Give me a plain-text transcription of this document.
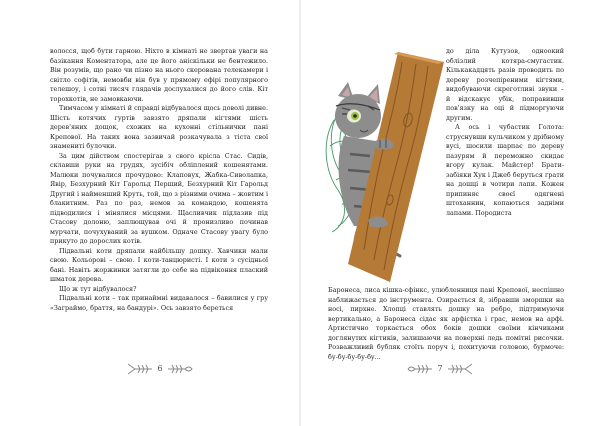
волосся, щоб бути гарною. Ніхто в кімнаті не звертав уваги на базікання Коментатора, але це його аніскільки не бентежило. Він розумів, що рано чи пізно на нього скерована телекамери і світло софітів, немовби він був у прямому ефірі популярного телешоу, і сотні тисяч глядачів дослухалися до його слів. Кіт торохкотів, не замовкаючи.

Тимчасом у кімнаті й справді відбувалося щось доволі дивне. Шість котячих гуртів завзято дряпали кігтями шість дерев'яних дощок, схожих на кухонні стільнички пані Крепової. На таких вона зазвичай розкачувала з тіста свої знамениті булочки.

За цим дійством спостерігав з свого крісла Стас. Сидів, склавши руки на грудях, зусібіч обліплений кошенятами. Малюки почувалися прочудово: Клаповух, Жабка-Сиволапка, Явір, Безхурний Кіт Гарольд Перший, Безхурний Кіт Гарольд Другий і найменший Круть, той, що з різними очима – жовтим і блакитним. Раз по раз, немов за командою, кошенята підводилися і мінялися місцями. Щасливчик підлазив під Стасову долоню, заплющував очі й пронизливо починав мурчати, почухуваний за вушком. Одначе Стасову увагу було прикуто до дорослих котів.

Підвальні коти дряпали найбільшу дошку. Хавчики мали свою. Кольорові – свою. І коти-танцюристі. І коти з сусідньої бані. Навіть жоржинки затягли до себе на підвіконня плаский шматок дерева.

Що ж тут відбувалося?

Підвальні коти – так принаймні видавалося – бавилися у гру «Заграймо, браття, на бандурі». Ось завзято береться

6

до діла Кутузов, одноокий облізлий котяра-смугастик. Кількакадцять разів проводить по дереву розчепіреними кігтями, видобуваючи скреготливі звуки – й відскакує убік, поправивши пов'язку на оці й підморгуючи другим.

А ось і чубастик Голота: струснувши кульчиком у дрібному вусі, шосили шарпає по дереву пазурям й переможно скидає вгору кулак. Майстер! Брати-забіяки Хук і Джеб беруться грати на дошці в чотири лапи. Кожен припиняє своєї одягнені штоханнин, копаються задніми лапами. Породиста

Баронеса, лиса кішка-сфінкс, улюбленниця пані Крепової, неспішно наближається до інструмента. Озирається й, зібравши зморшки на носі, пирхне. Хлопці ставлять дошку на ребро, підтримуючи вертикально, а Баронеса сідає як арфістка і грас, немов на арфі. Артистично торкається обох боків дошки своїми кінчиками доглянутих кігтиків, залишаючи на поверхні ледь помітні рисочки. Розважливий бубляк стоїть поруч і, похитуючи головою, бурмоче: бу-бу-бу-бу-бу...

7
